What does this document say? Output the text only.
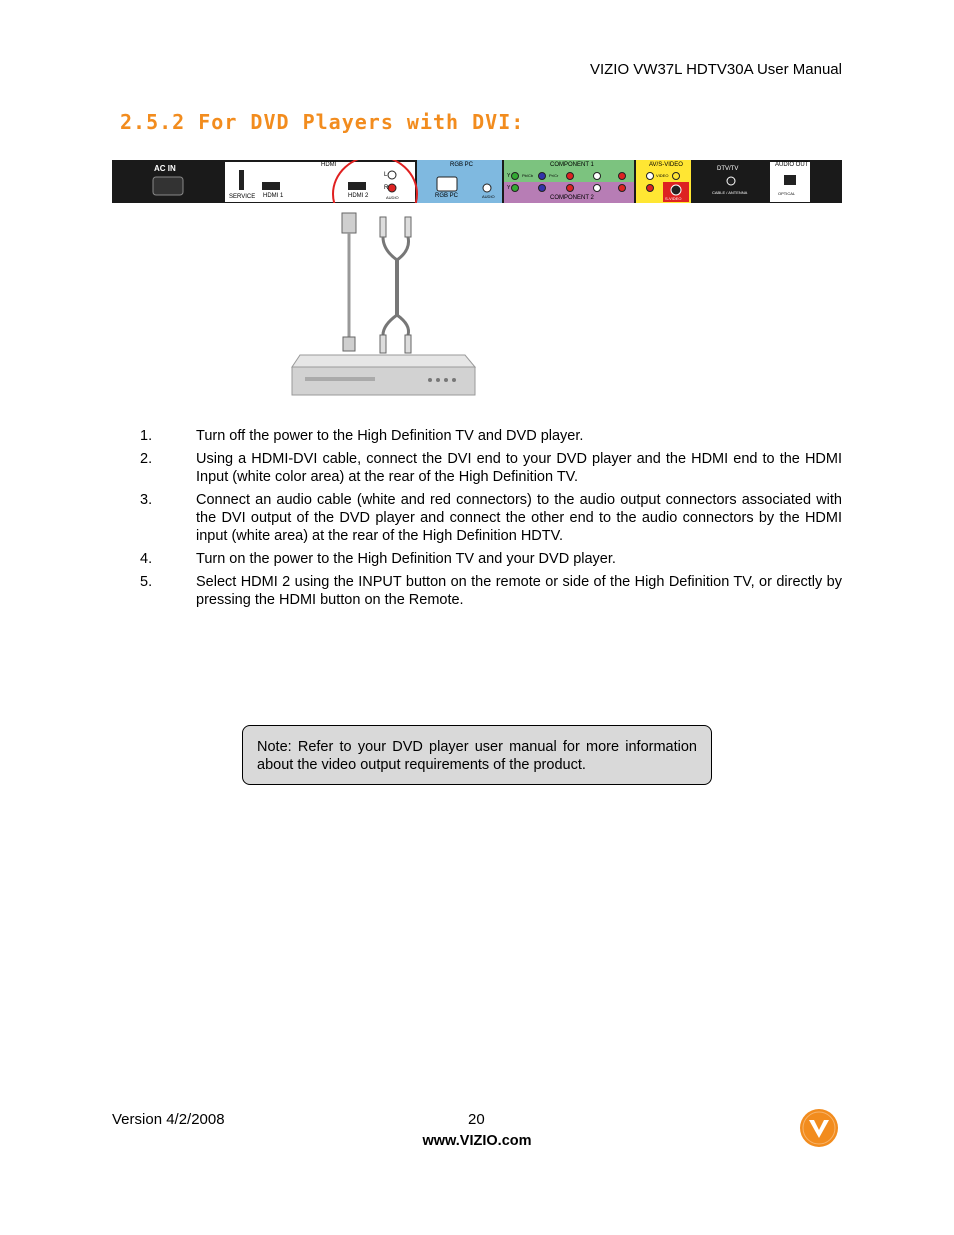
VIZIO VW37L HDTV30A User Manual
2.5.2 For DVD Players with DVI:
AC IN
SERVICE
HDMI
HDMI 1	HDMI 2
L
R
AUDIO
RGB PC
RGB PC	AUDIO
COMPONENT 1
COMPONENT 2
Y
Y
Pb/Cb	Pr/Cr
AV/S-VIDEO
VIDEO
S-VIDEO
DTV/TV
CABLE / ANTENNA
AUDIO OUT
OPTICAL
1.	Turn off the power to the High Definition TV and DVD player.
2.	Using a HDMI-DVI cable, connect the DVI end to your DVD player and the HDMI end to the HDMI Input (white color area) at the rear of the High Definition TV.
3.	Connect an audio cable (white and red connectors) to the audio output connectors associated with the DVI output of the DVD player and connect the other end to the audio connectors by the HDMI input (white area) at the rear of the High Definition HDTV.
4.	Turn on the power to the High Definition TV and your DVD player.
5.	Select HDMI 2 using the INPUT button on the remote or side of the High Definition TV, or directly by pressing the HDMI button on the Remote.
Note: Refer to your DVD player user manual for more information about the video output requirements of the product.
Version 4/2/2008	20
www.VIZIO.com
